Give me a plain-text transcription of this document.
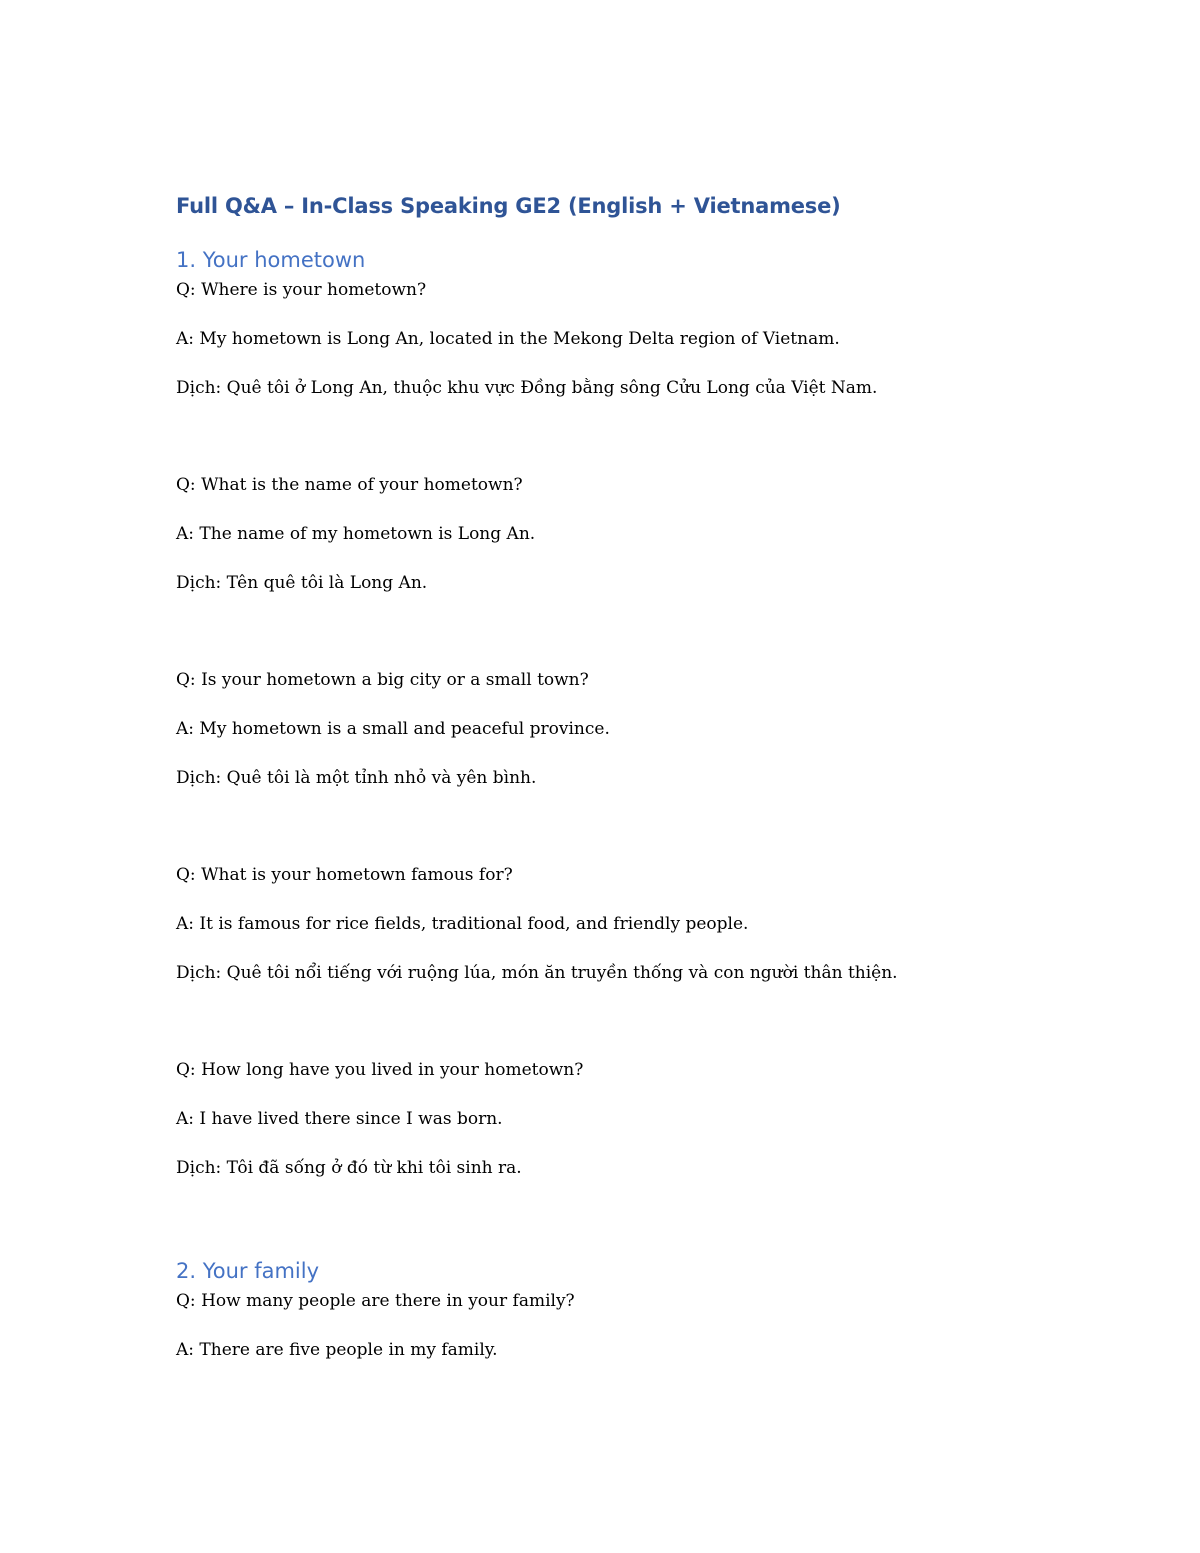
Full Q&A – In-Class Speaking GE2 (English + Vietnamese)
1. Your hometown

Q: Where is your hometown?

A: My hometown is Long An, located in the Mekong Delta region of Vietnam.

Dịch: Quê tôi ở Long An, thuộc khu vực Đồng bằng sông Cửu Long của Việt Nam.

Q: What is the name of your hometown?

A: The name of my hometown is Long An.

Dịch: Tên quê tôi là Long An.

Q: Is your hometown a big city or a small town?

A: My hometown is a small and peaceful province.

Dịch: Quê tôi là một tỉnh nhỏ và yên bình.

Q: What is your hometown famous for?

A: It is famous for rice fields, traditional food, and friendly people.

Dịch: Quê tôi nổi tiếng với ruộng lúa, món ăn truyền thống và con người thân thiện.

Q: How long have you lived in your hometown?

A: I have lived there since I was born.

Dịch: Tôi đã sống ở đó từ khi tôi sinh ra.

2. Your family

Q: How many people are there in your family?

A: There are five people in my family.
